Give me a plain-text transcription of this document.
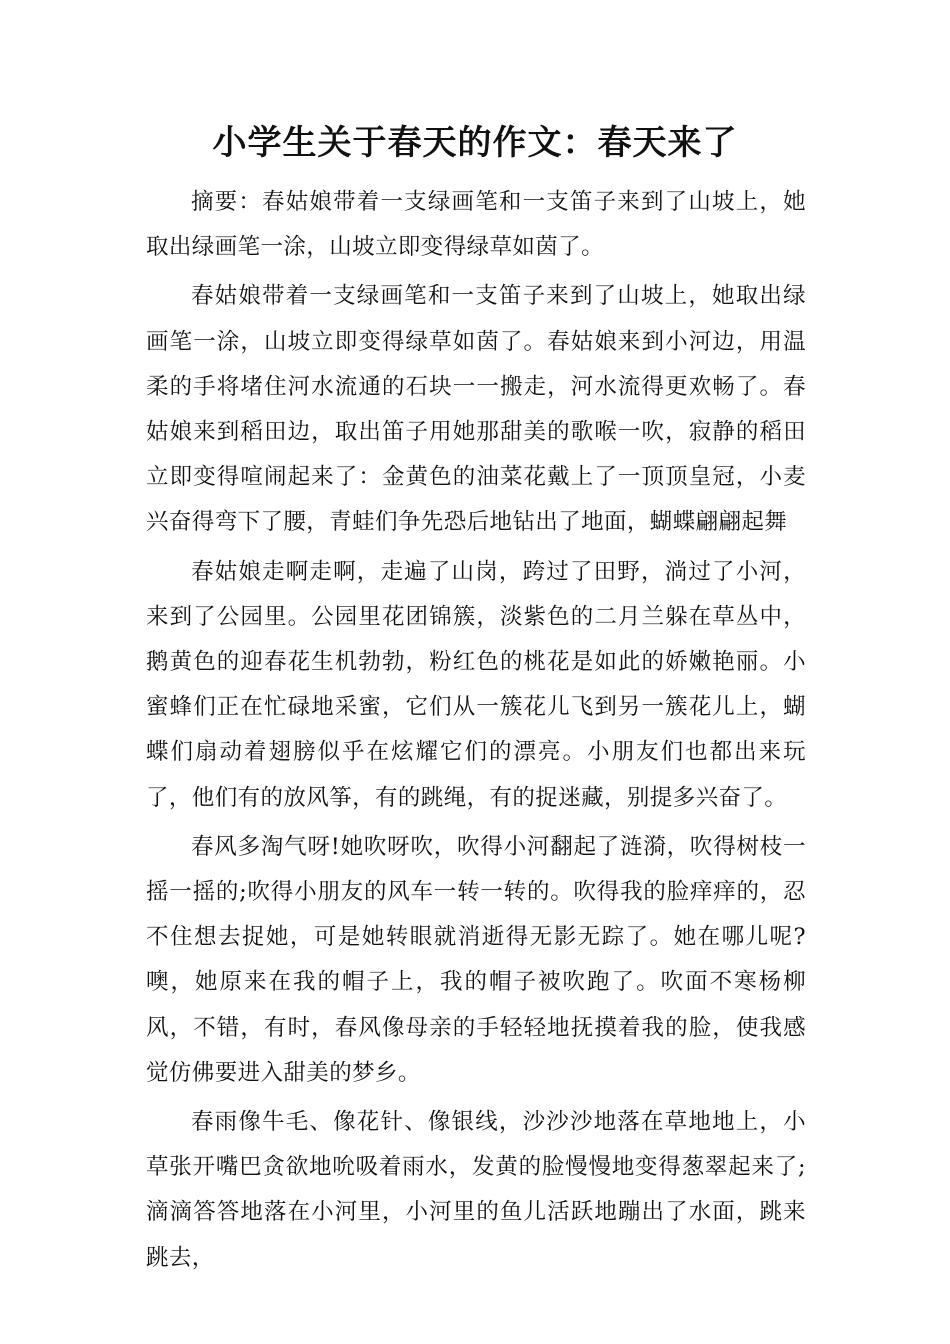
小学生关于春天的作文：春天来了

摘要：春姑娘带着一支绿画笔和一支笛子来到了山坡上，她取出绿画笔一涂，山坡立即变得绿草如茵了。

春姑娘带着一支绿画笔和一支笛子来到了山坡上，她取出绿画笔一涂，山坡立即变得绿草如茵了。春姑娘来到小河边，用温柔的手将堵住河水流通的石块一一搬走，河水流得更欢畅了。春姑娘来到稻田边，取出笛子用她那甜美的歌喉一吹，寂静的稻田立即变得喧闹起来了：金黄色的油菜花戴上了一顶顶皇冠，小麦兴奋得弯下了腰，青蛙们争先恐后地钻出了地面，蝴蝶翩翩起舞

春姑娘走啊走啊，走遍了山岗，跨过了田野，淌过了小河，来到了公园里。公园里花团锦簇，淡紫色的二月兰躲在草丛中，鹅黄色的迎春花生机勃勃，粉红色的桃花是如此的娇嫩艳丽。小蜜蜂们正在忙碌地采蜜，它们从一簇花儿飞到另一簇花儿上，蝴蝶们扇动着翅膀似乎在炫耀它们的漂亮。小朋友们也都出来玩了，他们有的放风筝，有的跳绳，有的捉迷藏，别提多兴奋了。

春风多淘气呀!她吹呀吹，吹得小河翻起了涟漪，吹得树枝一摇一摇的;吹得小朋友的风车一转一转的。吹得我的脸痒痒的，忍不住想去捉她，可是她转眼就消逝得无影无踪了。她在哪儿呢?噢，她原来在我的帽子上，我的帽子被吹跑了。吹面不寒杨柳风，不错，有时，春风像母亲的手轻轻地抚摸着我的脸，使我感觉仿佛要进入甜美的梦乡。

春雨像牛毛、像花针、像银线，沙沙沙地落在草地地上，小草张开嘴巴贪欲地吮吸着雨水，发黄的脸慢慢地变得葱翠起来了;滴滴答答地落在小河里，小河里的鱼儿活跃地蹦出了水面，跳来跳去，
